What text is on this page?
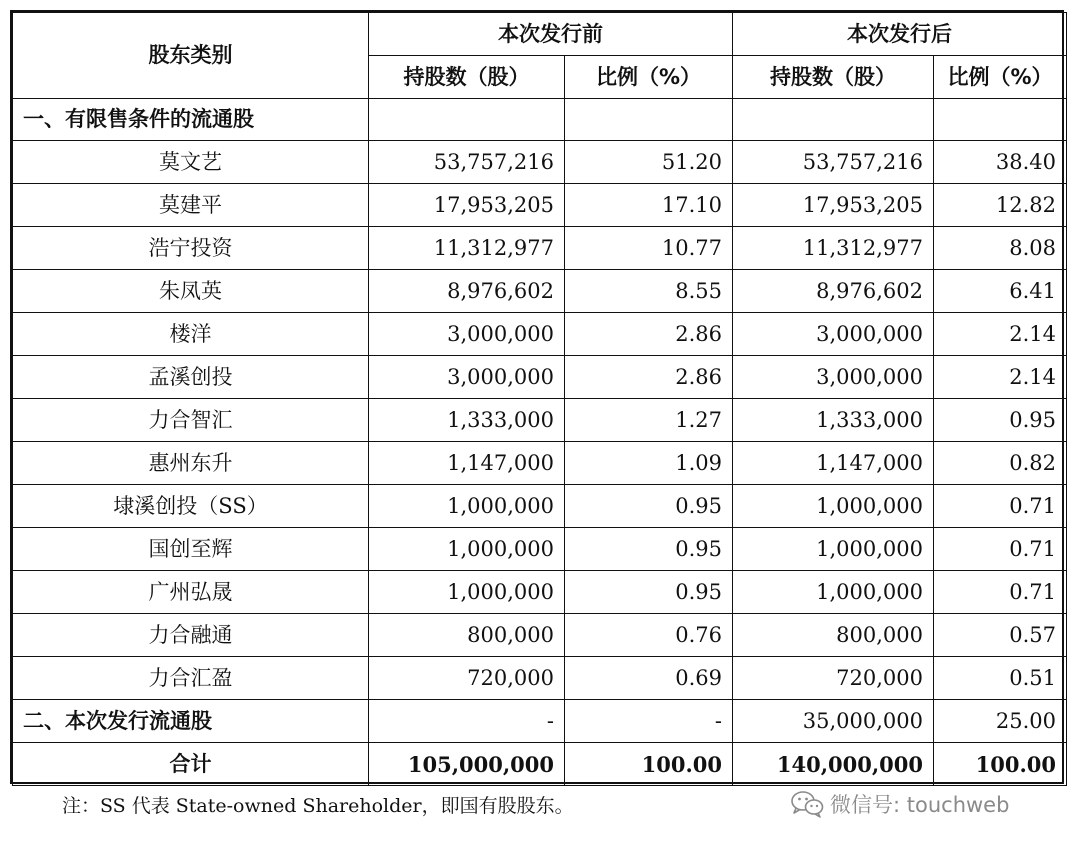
股东类别	本次发行前		本次发行后	
	持股数（股）	比例（%）	持股数（股）	比例（%）
一、有限售条件的流通股				
莫文艺	53,757,216	51.20	53,757,216	38.40
莫建平	17,953,205	17.10	17,953,205	12.82
浩宁投资	11,312,977	10.77	11,312,977	8.08
朱凤英	8,976,602	8.55	8,976,602	6.41
楼洋	3,000,000	2.86	3,000,000	2.14
孟溪创投	3,000,000	2.86	3,000,000	2.14
力合智汇	1,333,000	1.27	1,333,000	0.95
惠州东升	1,147,000	1.09	1,147,000	0.82
埭溪创投（SS）	1,000,000	0.95	1,000,000	0.71
国创至辉	1,000,000	0.95	1,000,000	0.71
广州弘晟	1,000,000	0.95	1,000,000	0.71
力合融通	800,000	0.76	800,000	0.57
力合汇盈	720,000	0.69	720,000	0.51
二、本次发行流通股	-	-	35,000,000	25.00
合计	105,000,000	100.00	140,000,000	100.00
注：SS 代表 State-owned Shareholder，即国有股股东。	微信号: touchweb
